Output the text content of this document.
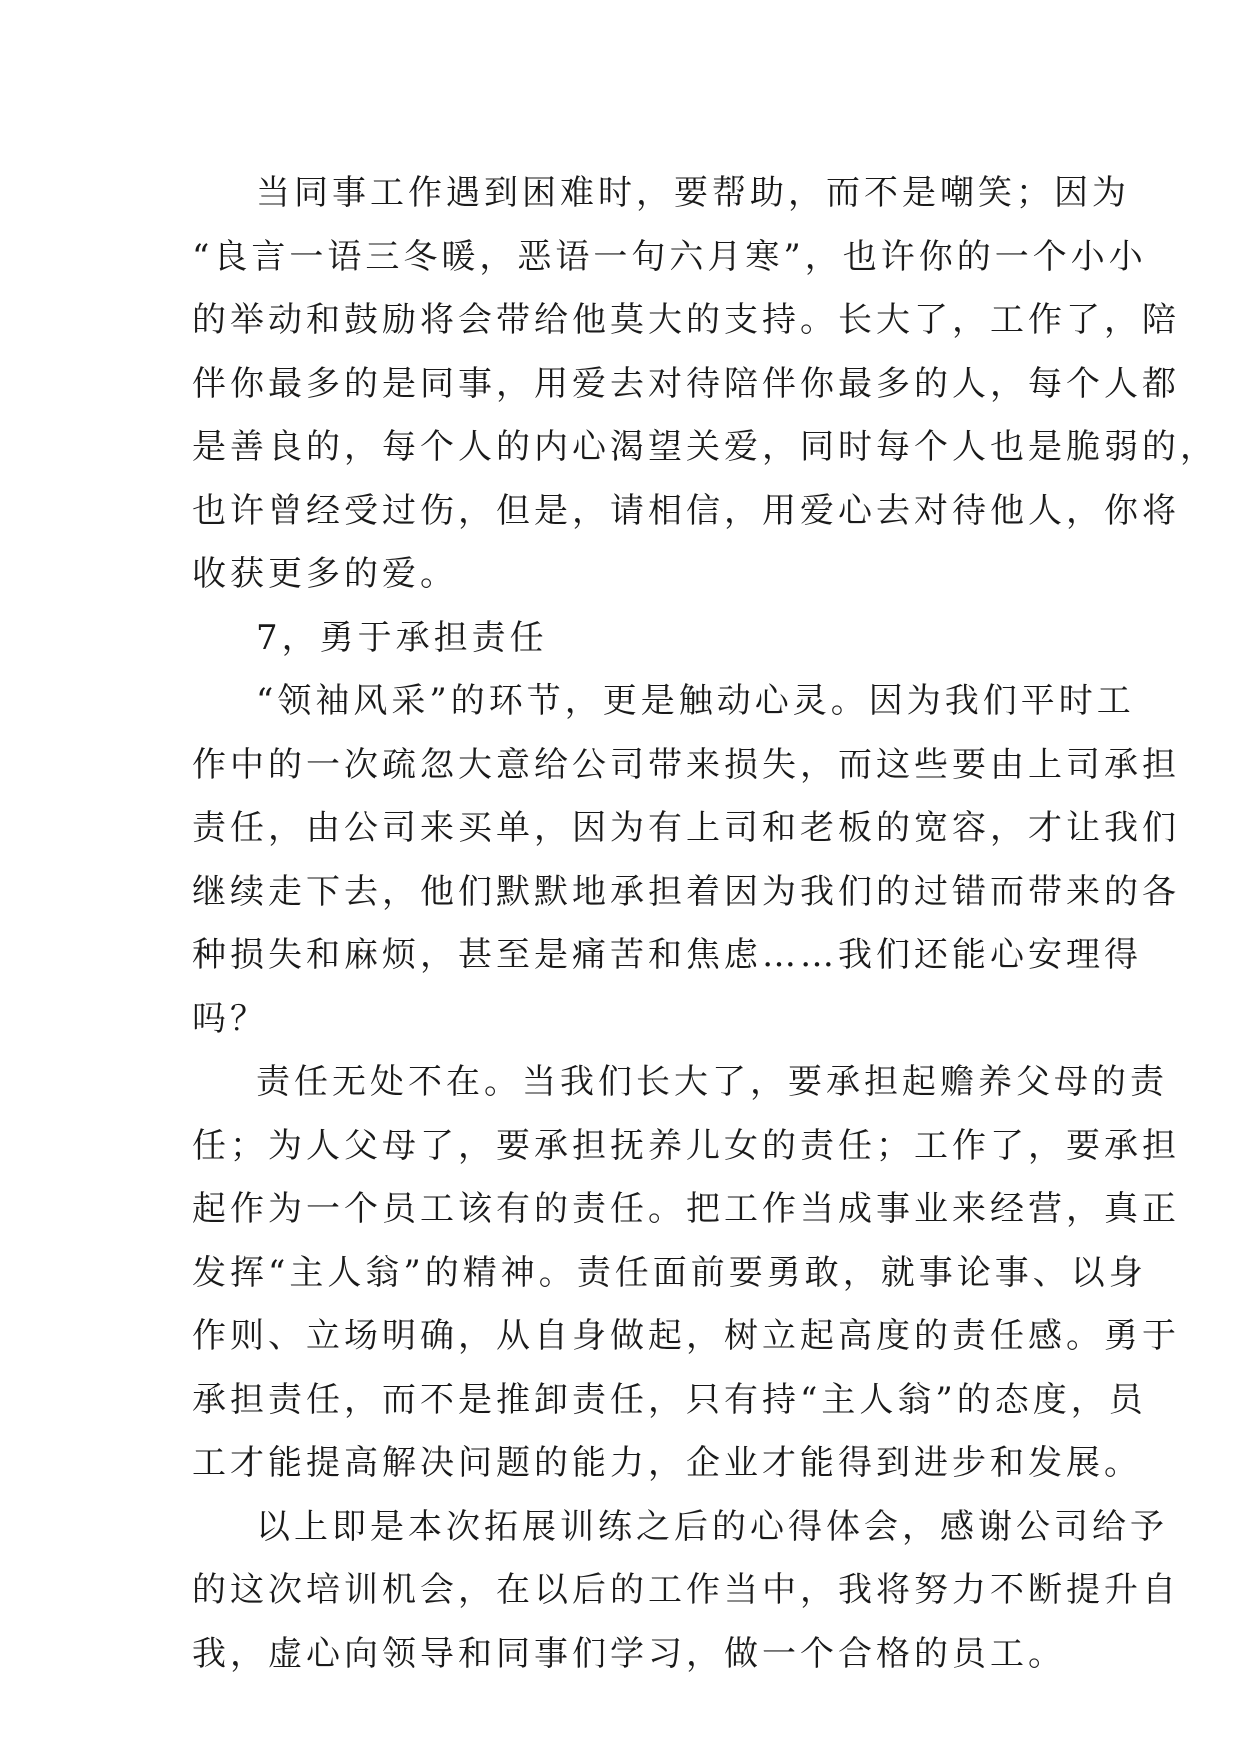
当同事工作遇到困难时，要帮助，而不是嘲笑；因为
“良言一语三冬暖，恶语一句六月寒”，也许你的一个小小
的举动和鼓励将会带给他莫大的支持。长大了，工作了，陪
伴你最多的是同事，用爱去对待陪伴你最多的人，每个人都
是善良的，每个人的内心渴望关爱，同时每个人也是脆弱的，
也许曾经受过伤，但是，请相信，用爱心去对待他人，你将
收获更多的爱。
7，勇于承担责任
“领袖风采”的环节，更是触动心灵。因为我们平时工
作中的一次疏忽大意给公司带来损失，而这些要由上司承担
责任，由公司来买单，因为有上司和老板的宽容，才让我们
继续走下去，他们默默地承担着因为我们的过错而带来的各
种损失和麻烦，甚至是痛苦和焦虑……我们还能心安理得
吗？
责任无处不在。当我们长大了，要承担起赡养父母的责
任；为人父母了，要承担抚养儿女的责任；工作了，要承担
起作为一个员工该有的责任。把工作当成事业来经营，真正
发挥“主人翁”的精神。责任面前要勇敢，就事论事、以身
作则、立场明确，从自身做起，树立起高度的责任感。勇于
承担责任，而不是推卸责任，只有持“主人翁”的态度，员
工才能提高解决问题的能力，企业才能得到进步和发展。
以上即是本次拓展训练之后的心得体会，感谢公司给予
的这次培训机会，在以后的工作当中，我将努力不断提升自
我，虚心向领导和同事们学习，做一个合格的员工。
